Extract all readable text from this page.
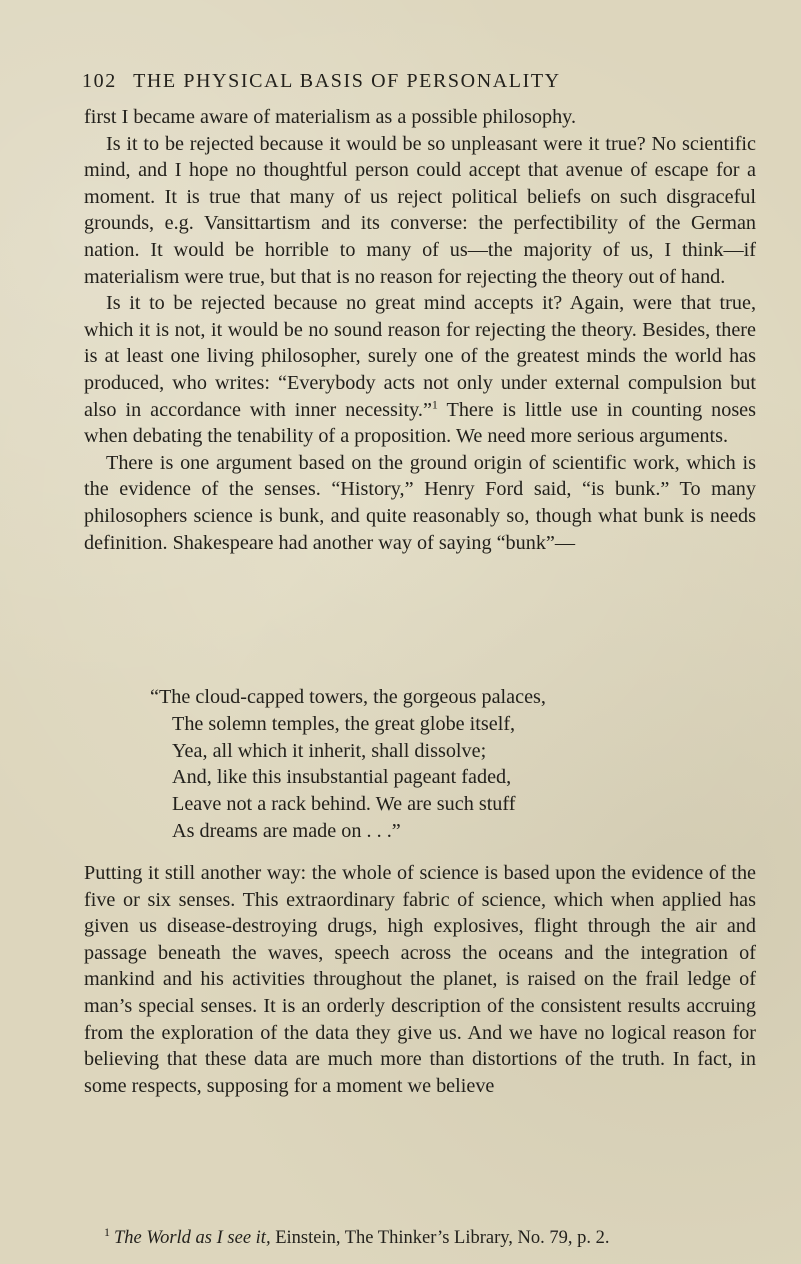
102 THE PHYSICAL BASIS OF PERSONALITY

first I became aware of materialism as a possible philosophy.

Is it to be rejected because it would be so unpleasant were it true? No scientific mind, and I hope no thoughtful person could accept that avenue of escape for a moment. It is true that many of us reject political beliefs on such disgraceful grounds, e.g. Vansittartism and its converse: the perfectibility of the German nation. It would be horrible to many of us—the majority of us, I think—if materialism were true, but that is no reason for rejecting the theory out of hand.

Is it to be rejected because no great mind accepts it? Again, were that true, which it is not, it would be no sound reason for rejecting the theory. Besides, there is at least one living philosopher, surely one of the greatest minds the world has produced, who writes: “Everybody acts not only under external compulsion but also in accordance with inner necessity.”$^1$ There is little use in counting noses when debating the tenability of a proposition. We need more serious arguments.

There is one argument based on the ground origin of scientific work, which is the evidence of the senses. “History,” Henry Ford said, “is bunk.” To many philosophers science is bunk, and quite reasonably so, though what bunk is needs definition. Shakespeare had another way of saying “bunk”—

“The cloud-capped towers, the gorgeous palaces,
The solemn temples, the great globe itself,
Yea, all which it inherit, shall dissolve;
And, like this insubstantial pageant faded,
Leave not a rack behind. We are such stuff
As dreams are made on . . .”

Putting it still another way: the whole of science is based upon the evidence of the five or six senses. This extraordinary fabric of science, which when applied has given us disease-destroying drugs, high explosives, flight through the air and passage beneath the waves, speech across the oceans and the integration of mankind and his activities throughout the planet, is raised on the frail ledge of man’s special senses. It is an orderly description of the consistent results accruing from the exploration of the data they give us. And we have no logical reason for believing that these data are much more than distortions of the truth. In fact, in some respects, supposing for a moment we believe

$^1$ The World as I see it, Einstein, The Thinker’s Library, No. 79, p. 2.
